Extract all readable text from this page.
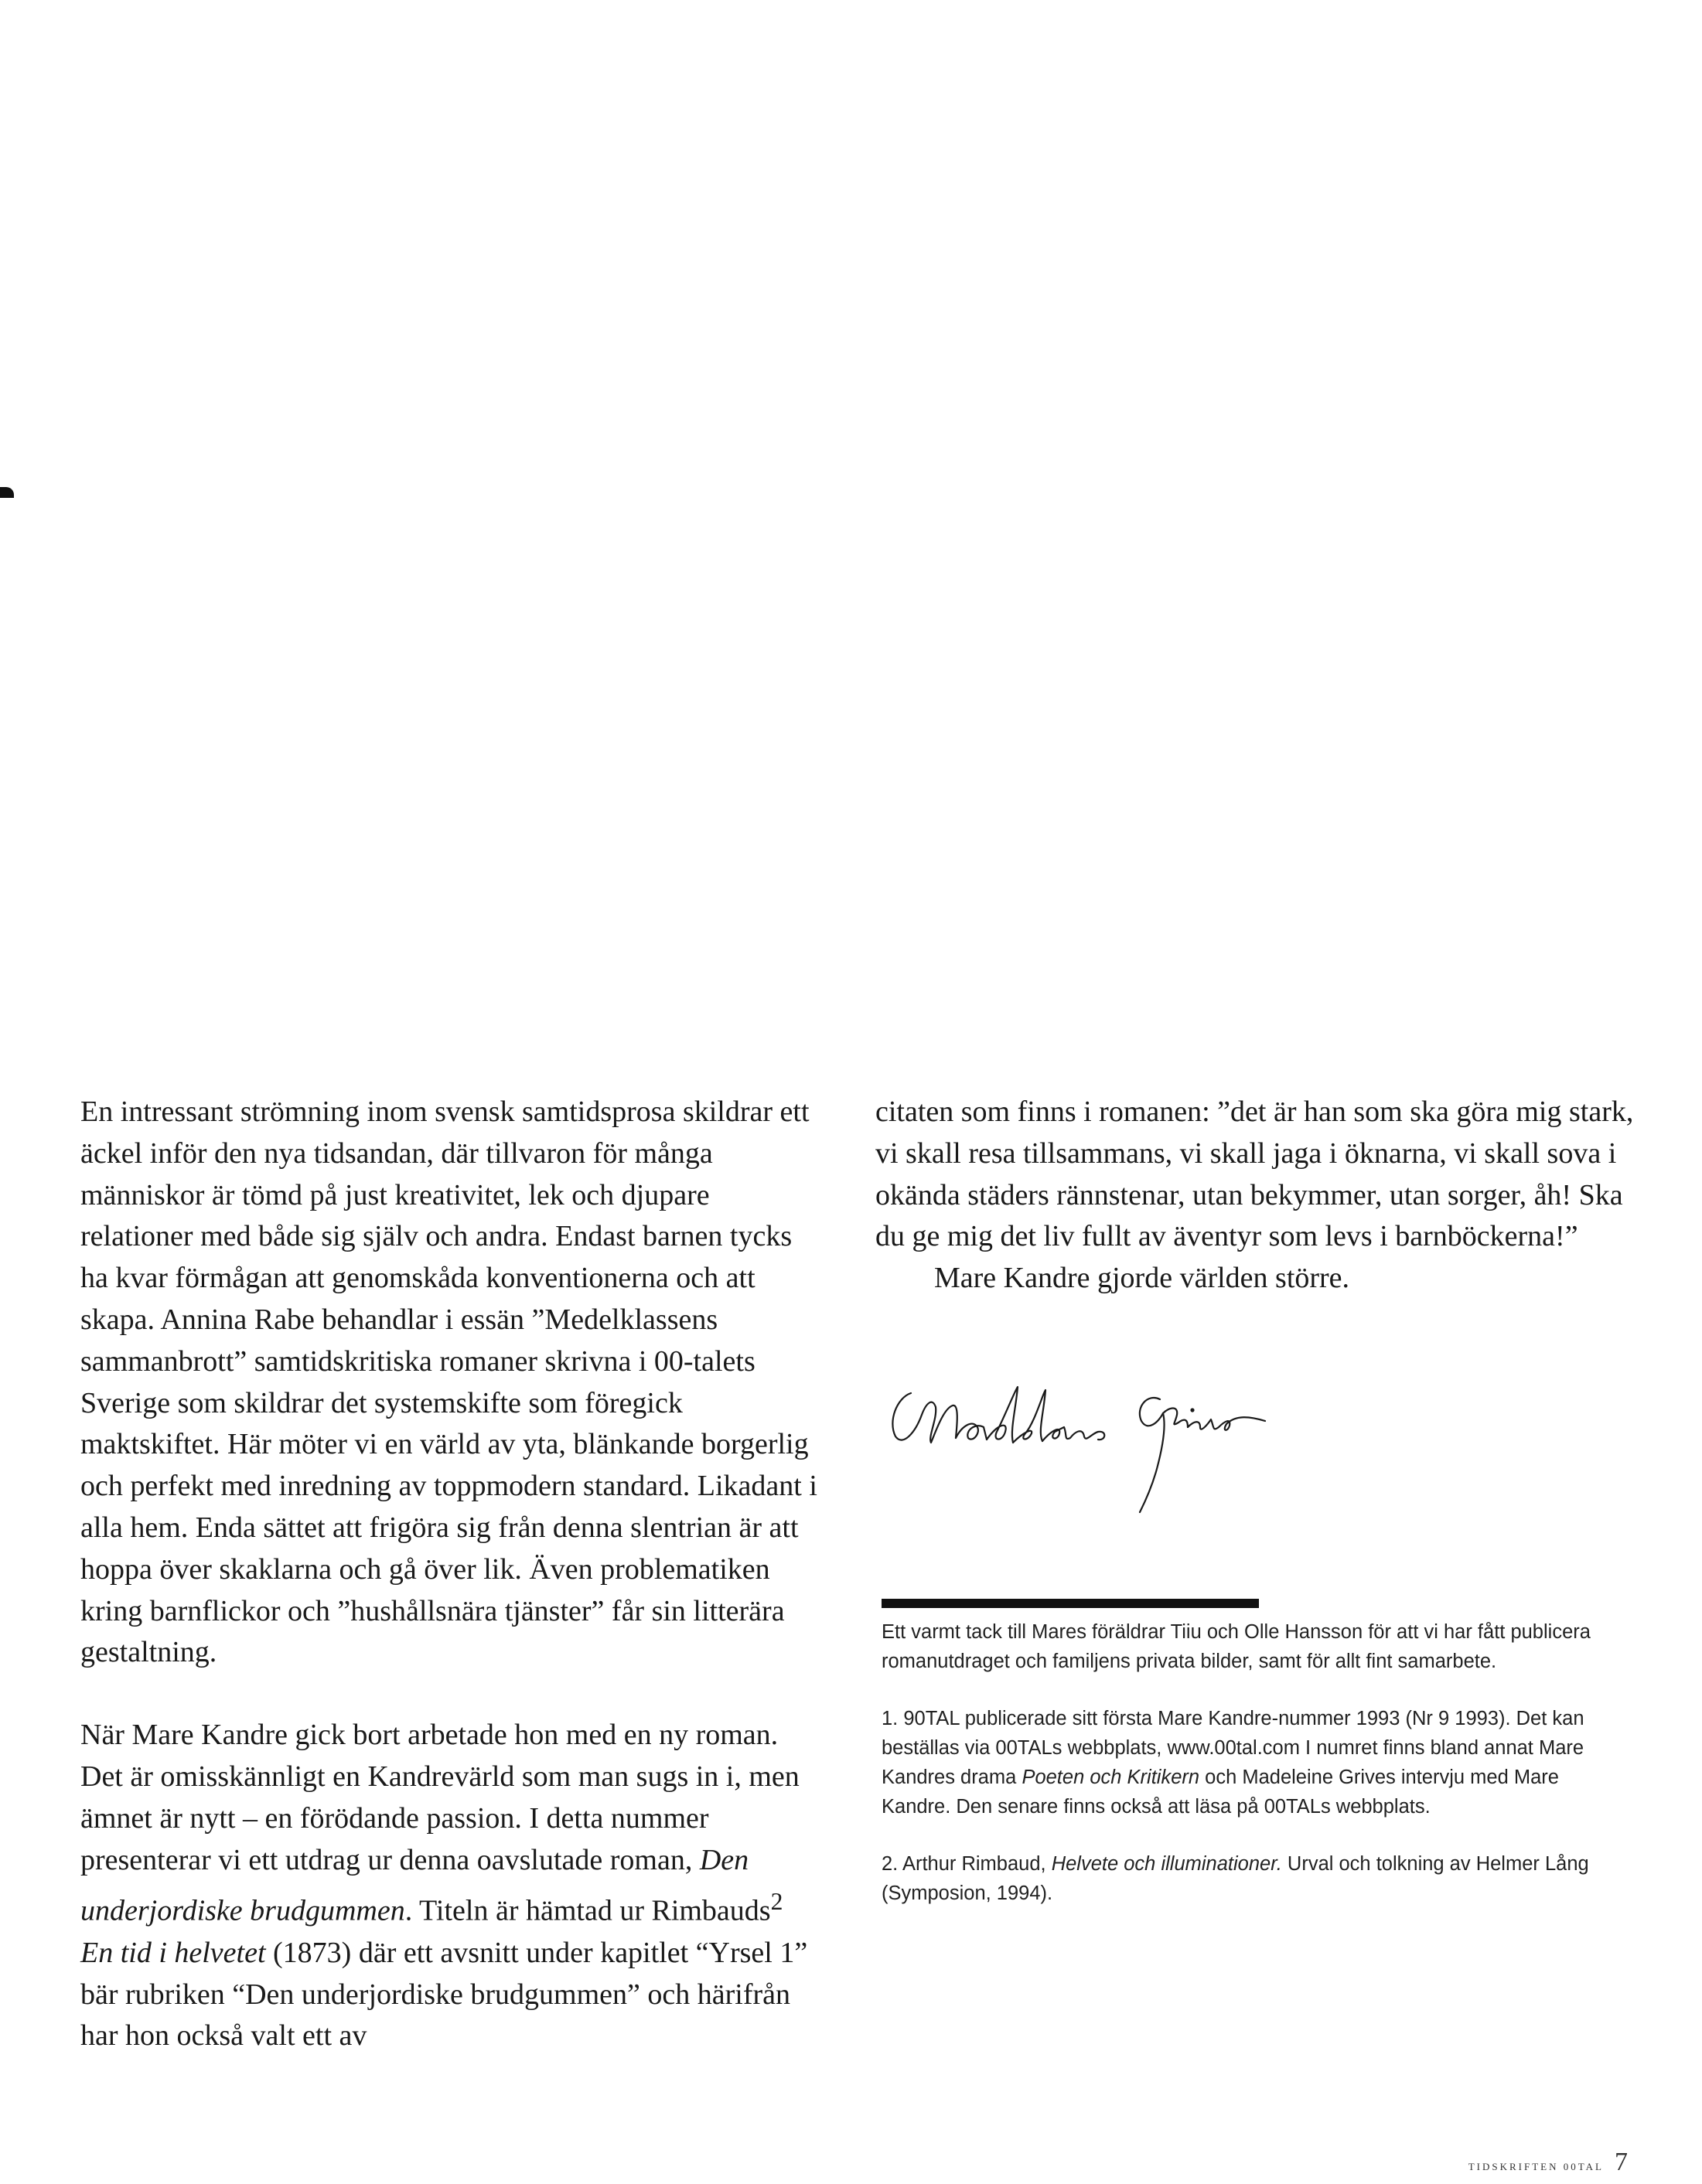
En intressant strömning inom svensk samtidsprosa skildrar ett äckel inför den nya tidsandan, där tillvaron för många människor är tömd på just kreativitet, lek och djupare relationer med både sig själv och andra. Endast barnen tycks ha kvar förmågan att genomskåda konventionerna och att skapa. Annina Rabe behandlar i essän ”Medelklassens sammanbrott” samtidskritiska romaner skrivna i 00-talets Sverige som skildrar det systemskifte som föregick maktskiftet. Här möter vi en värld av yta, blänkande borgerlig och perfekt med inredning av toppmodern standard. Likadant i alla hem. Enda sättet att frigöra sig från denna slentrian är att hoppa över skaklarna och gå över lik. Även problematiken kring barnflickor och ”hushållsnära tjänster” får sin litterära gestaltning.

När Mare Kandre gick bort arbetade hon med en ny roman. Det är omisskännligt en Kandrevärld som man sugs in i, men ämnet är nytt – en förödande passion. I detta nummer presenterar vi ett utdrag ur denna oavslutade roman, Den underjordiske brudgummen. Titeln är hämtad ur Rimbauds$^2$ En tid i helvetet (1873) där ett avsnitt under kapitlet “Yrsel 1” bär rubriken “Den underjordiske brudgummen” och härifrån har hon också valt ett av

citaten som finns i romanen: ”det är han som ska göra mig stark, vi skall resa tillsammans, vi skall jaga i öknarna, vi skall sova i okända städers rännstenar, utan bekymmer, utan sorger, åh! Ska du ge mig det liv fullt av äventyr som levs i barnböckerna!”

Mare Kandre gjorde världen större.

Ett varmt tack till Mares föräldrar Tiiu och Olle Hansson för att vi har fått publicera romanutdraget och familjens privata bilder, samt för allt fint samarbete.

1. 90TAL publicerade sitt första Mare Kandre-nummer 1993 (Nr 9 1993). Det kan beställas via 00TALs webbplats, www.00tal.com I numret finns bland annat Mare Kandres drama Poeten och Kritikern och Madeleine Grives intervju med Mare Kandre. Den senare finns också att läsa på 00TALs webbplats.

2. Arthur Rimbaud, Helvete och illuminationer. Urval och tolkning av Helmer Lång (Symposion, 1994).

TIDSKRIFTEN 00TAL 7
